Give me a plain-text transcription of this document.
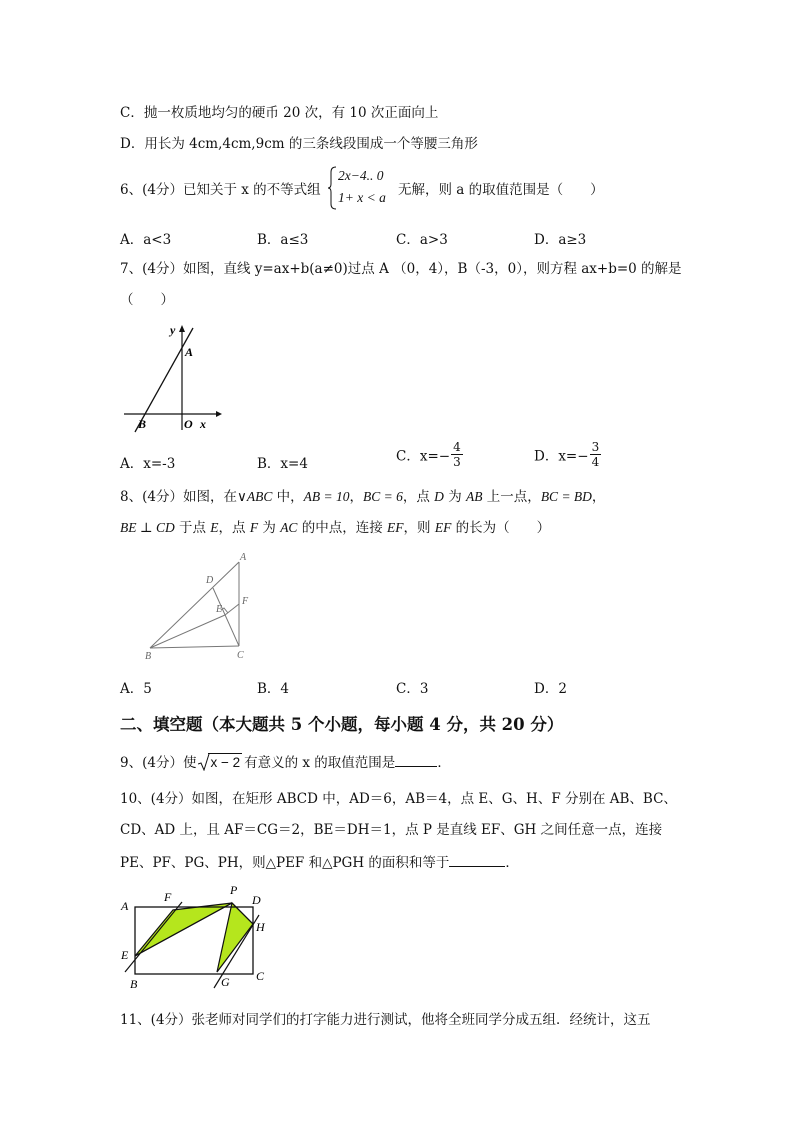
C．抛一枚质地均匀的硬币 20 次，有 10 次正面向上
D．用长为 4cm,4cm,9cm 的三条线段围成一个等腰三角形
6、(4分）已知关于 x 的不等式组
2x−4.. 0
1+ x < a 无解，则 a 的取值范围是（　　）
A．a<3	B．a≤3	C．a>3	D．a≥3
7、(4分）如图，直线 y=ax+b(a≠0)过点 A （0，4），B（-3，0），则方程 ax+b=0 的解是
（　　）
y
A
B	O x
A．x=-3	B．x=4	C．$x=- \frac{4}{3}$	D．$x=- \frac{3}{4}$
8、(4分）如图，在∨ABC 中，AB = 10，BC = 6，点 D 为 AB 上一点，BC = BD，
BE ⊥ CD 于点 E，点 F 为 AC 的中点，连接 EF，则 EF 的长为（　　）
A
D
E
F
B	C
A．5	B．4	C．3	D．2
二、填空题（本大题共 5 个小题，每小题 4 分，共 20 分）
9、(4分）使 x − 2 有意义的 x 的取值范围是	．
10、(4分）如图，在矩形 ABCD 中，AD＝6，AB＝4，点 E、G、H、F 分别在 AB、BC、
CD、AD 上，且 AF＝CG＝2，BE＝DH＝1，点 P 是直线 EF、GH 之间任意一点，连接
PE、PF、PG、PH，则△PEF 和△PGH 的面积和等于	．
A
F	P
D
H
E
B	G C
11、(4分）张老师对同学们的打字能力进行测试，他将全班同学分成五组．经统计，这五
